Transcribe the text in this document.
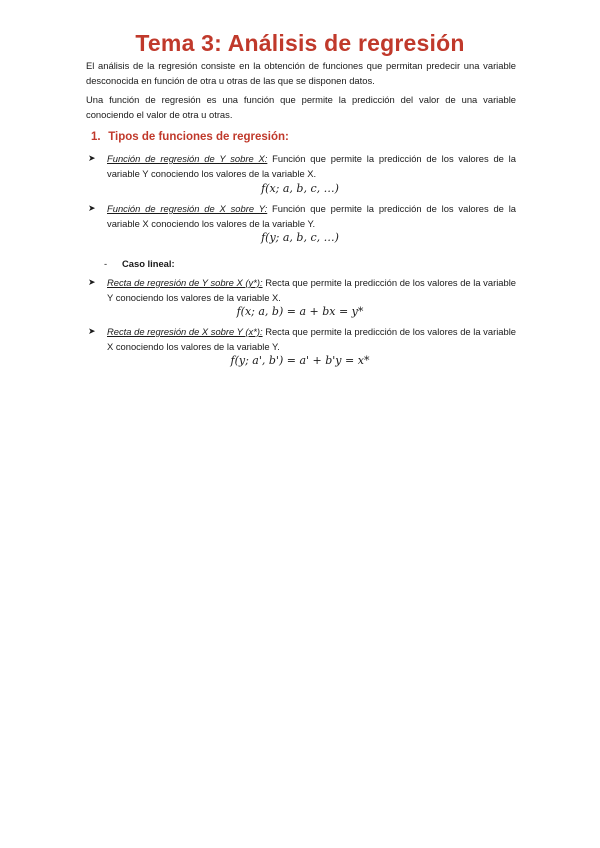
Tema 3: Análisis de regresión
El análisis de la regresión consiste en la obtención de funciones que permitan predecir una variable desconocida en función de otra u otras de las que se disponen datos.
Una función de regresión es una función que permite la predicción del valor de una variable conociendo el valor de otra u otras.
1. Tipos de funciones de regresión:
➤ Función de regresión de Y sobre X: Función que permite la predicción de los valores de la variable Y conociendo los valores de la variable X.
f(x; a, b, c, …)
➤ Función de regresión de X sobre Y: Función que permite la predicción de los valores de la variable X conociendo los valores de la variable Y.
f(y; a, b, c, …)
- Caso lineal:
➤ Recta de regresión de Y sobre X (y*): Recta que permite la predicción de los valores de la variable Y conociendo los valores de la variable X.
f(x; a, b) = a + bx = y*
➤ Recta de regresión de X sobre Y (x*): Recta que permite la predicción de los valores de la variable X conociendo los valores de la variable Y.
f(y; a', b') = a' + b'y = x*
